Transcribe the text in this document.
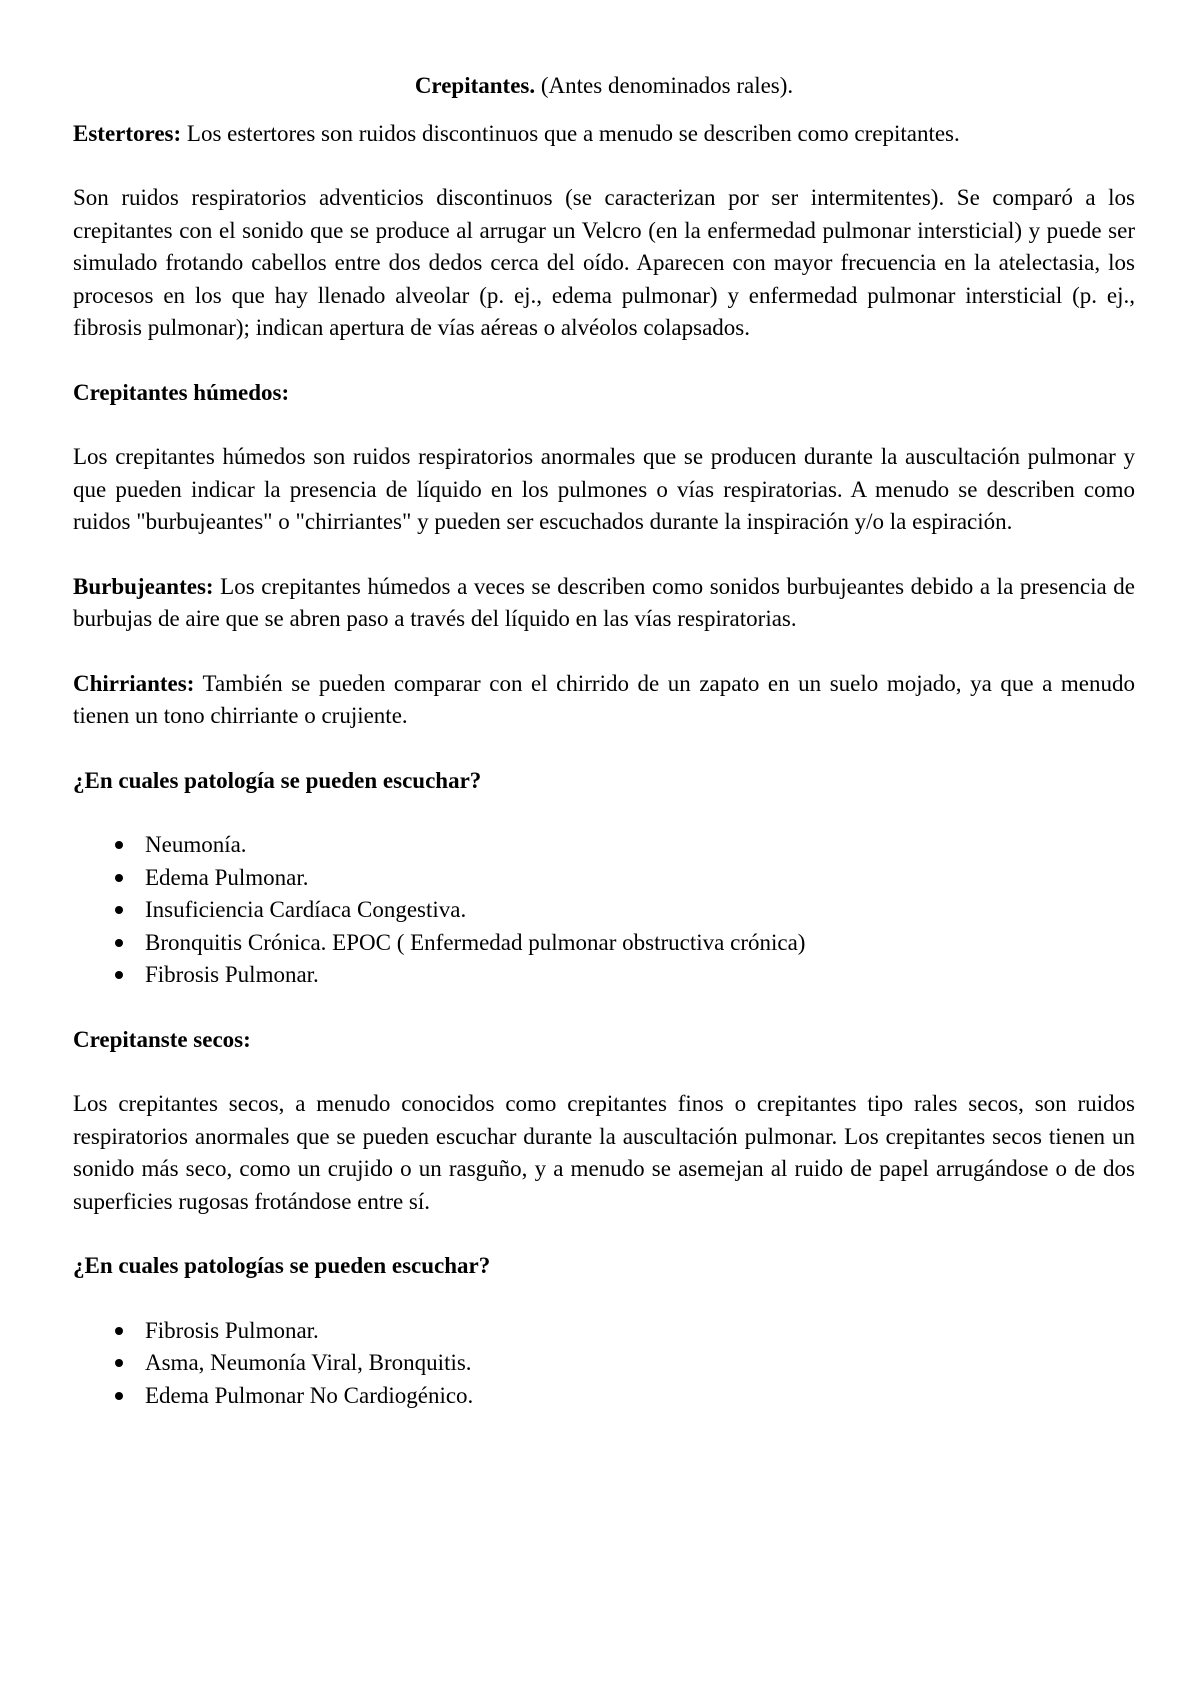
Crepitantes. (Antes denominados rales).

Estertores: Los estertores son ruidos discontinuos que a menudo se describen como crepitantes.

Son ruidos respiratorios adventicios discontinuos (se caracterizan por ser intermitentes). Se comparó a los crepitantes con el sonido que se produce al arrugar un Velcro (en la enfermedad pulmonar intersticial) y puede ser simulado frotando cabellos entre dos dedos cerca del oído. Aparecen con mayor frecuencia en la atelectasia, los procesos en los que hay llenado alveolar (p. ej., edema pulmonar) y enfermedad pulmonar intersticial (p. ej., fibrosis pulmonar); indican apertura de vías aéreas o alvéolos colapsados.

Crepitantes húmedos:

Los crepitantes húmedos son ruidos respiratorios anormales que se producen durante la auscultación pulmonar y que pueden indicar la presencia de líquido en los pulmones o vías respiratorias. A menudo se describen como ruidos "burbujeantes" o "chirriantes" y pueden ser escuchados durante la inspiración y/o la espiración.

Burbujeantes: Los crepitantes húmedos a veces se describen como sonidos burbujeantes debido a la presencia de burbujas de aire que se abren paso a través del líquido en las vías respiratorias.

Chirriantes: También se pueden comparar con el chirrido de un zapato en un suelo mojado, ya que a menudo tienen un tono chirriante o crujiente.

¿En cuales patología se pueden escuchar?
Neumonía.
Edema Pulmonar.
Insuficiencia Cardíaca Congestiva.
Bronquitis Crónica. EPOC ( Enfermedad pulmonar obstructiva crónica)
Fibrosis Pulmonar.
Crepitanste secos:

Los crepitantes secos, a menudo conocidos como crepitantes finos o crepitantes tipo rales secos, son ruidos respiratorios anormales que se pueden escuchar durante la auscultación pulmonar. Los crepitantes secos tienen un sonido más seco, como un crujido o un rasguño, y a menudo se asemejan al ruido de papel arrugándose o de dos superficies rugosas frotándose entre sí.

¿En cuales patologías se pueden escuchar?
Fibrosis Pulmonar.
Asma, Neumonía Viral, Bronquitis.
Edema Pulmonar No Cardiogénico.
